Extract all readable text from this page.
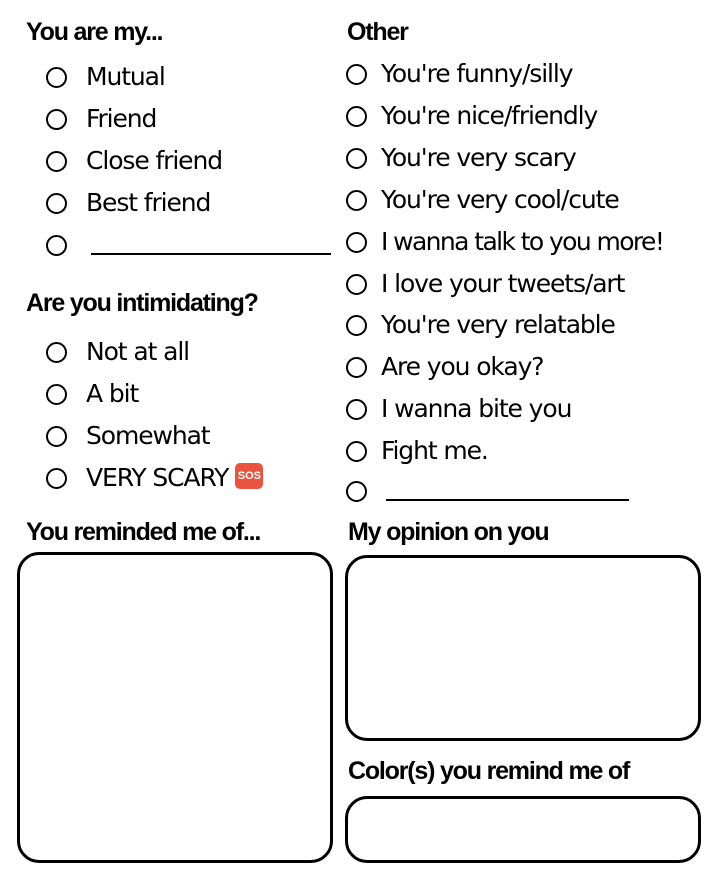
You are my...
Mutual
Friend
Close friend
Best friend
Are you intimidating?
Not at all
A bit
Somewhat
VERY SCARY SOS
Other
You're funny/silly
You're nice/friendly
You're very scary
You're very cool/cute
I wanna talk to you more!
I love your tweets/art
You're very relatable
Are you okay?
I wanna bite you
Fight me.
You reminded me of...	My opinion on you
Color(s) you remind me of
